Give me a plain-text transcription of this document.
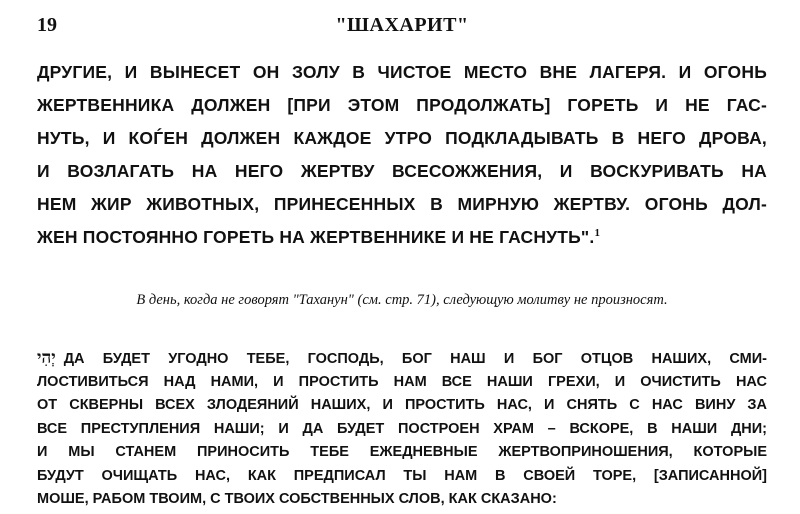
19	"ШАХАРИТ"
ДРУГИЕ, И ВЫНЕСЕТ ОН ЗОЛУ В ЧИСТОЕ МЕСТО ВНЕ ЛАГЕРЯ. И ОГОНЬ
ЖЕРТВЕННИКА ДОЛЖЕН [ПРИ ЭТОМ ПРОДОЛЖАТЬ] ГОРЕТЬ И НЕ ГАС-
НУТЬ, И КОЃЕН ДОЛЖЕН КАЖДОЕ УТРО ПОДКЛАДЫВАТЬ В НЕГО ДРОВА,
И ВОЗЛАГАТЬ НА НЕГО ЖЕРТВУ ВСЕСОЖЖЕНИЯ, И ВОСКУРИВАТЬ НА
НЕМ ЖИР ЖИВОТНЫХ, ПРИНЕСЕННЫХ В МИРНУЮ ЖЕРТВУ. ОГОНЬ ДОЛ-
ЖЕН ПОСТОЯННО ГОРЕТЬ НА ЖЕРТВЕННИКЕ И НЕ ГАСНУТЬ".$^1$
В день, когда не говорят "Таханун" (см. стр. 71), следующую молитву не произносят.
יְהִי ДА БУДЕТ УГОДНО ТЕБЕ, ГОСПОДЬ, БОГ НАШ И БОГ ОТЦОВ НАШИХ, СМИ-
ЛОСТИВИТЬСЯ НАД НАМИ, И ПРОСТИТЬ НАМ ВСЕ НАШИ ГРЕХИ, И ОЧИСТИТЬ НАС
ОТ СКВЕРНЫ ВСЕХ ЗЛОДЕЯНИЙ НАШИХ, И ПРОСТИТЬ НАС, И СНЯТЬ С НАС ВИНУ ЗА
ВСЕ ПРЕСТУПЛЕНИЯ НАШИ; И ДА БУДЕТ ПОСТРОЕН ХРАМ – ВСКОРЕ, В НАШИ ДНИ;
И МЫ СТАНЕМ ПРИНОСИТЬ ТЕБЕ ЕЖЕДНЕВНЫЕ ЖЕРТВОПРИНОШЕНИЯ, КОТОРЫЕ
БУДУТ ОЧИЩАТЬ НАС, КАК ПРЕДПИСАЛ ТЫ НАМ В СВОЕЙ ТОРЕ, [ЗАПИСАННОЙ]
МОШЕ, РАБОМ ТВОИМ, С ТВОИХ СОБСТВЕННЫХ СЛОВ, КАК СКАЗАНО:
